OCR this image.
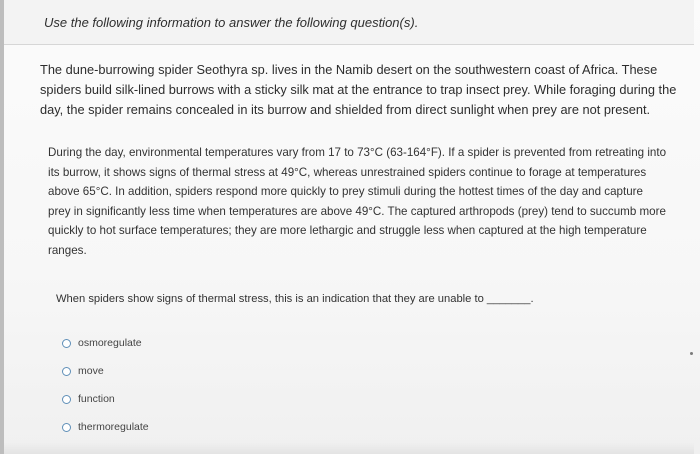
Use the following information to answer the following question(s).
The dune-burrowing spider Seothyra sp. lives in the Namib desert on the southwestern coast of Africa. These spiders build silk-lined burrows with a sticky silk mat at the entrance to trap insect prey. While foraging during the day, the spider remains concealed in its burrow and shielded from direct sunlight when prey are not present.
During the day, environmental temperatures vary from 17 to 73°C (63-164°F). If a spider is prevented from retreating into its burrow, it shows signs of thermal stress at 49°C, whereas unrestrained spiders continue to forage at temperatures above 65°C. In addition, spiders respond more quickly to prey stimuli during the hottest times of the day and capture prey in significantly less time when temperatures are above 49°C. The captured arthropods (prey) tend to succumb more quickly to hot surface temperatures; they are more lethargic and struggle less when captured at the high temperature ranges.
When spiders show signs of thermal stress, this is an indication that they are unable to _______.
osmoregulate
move
function
thermoregulate
